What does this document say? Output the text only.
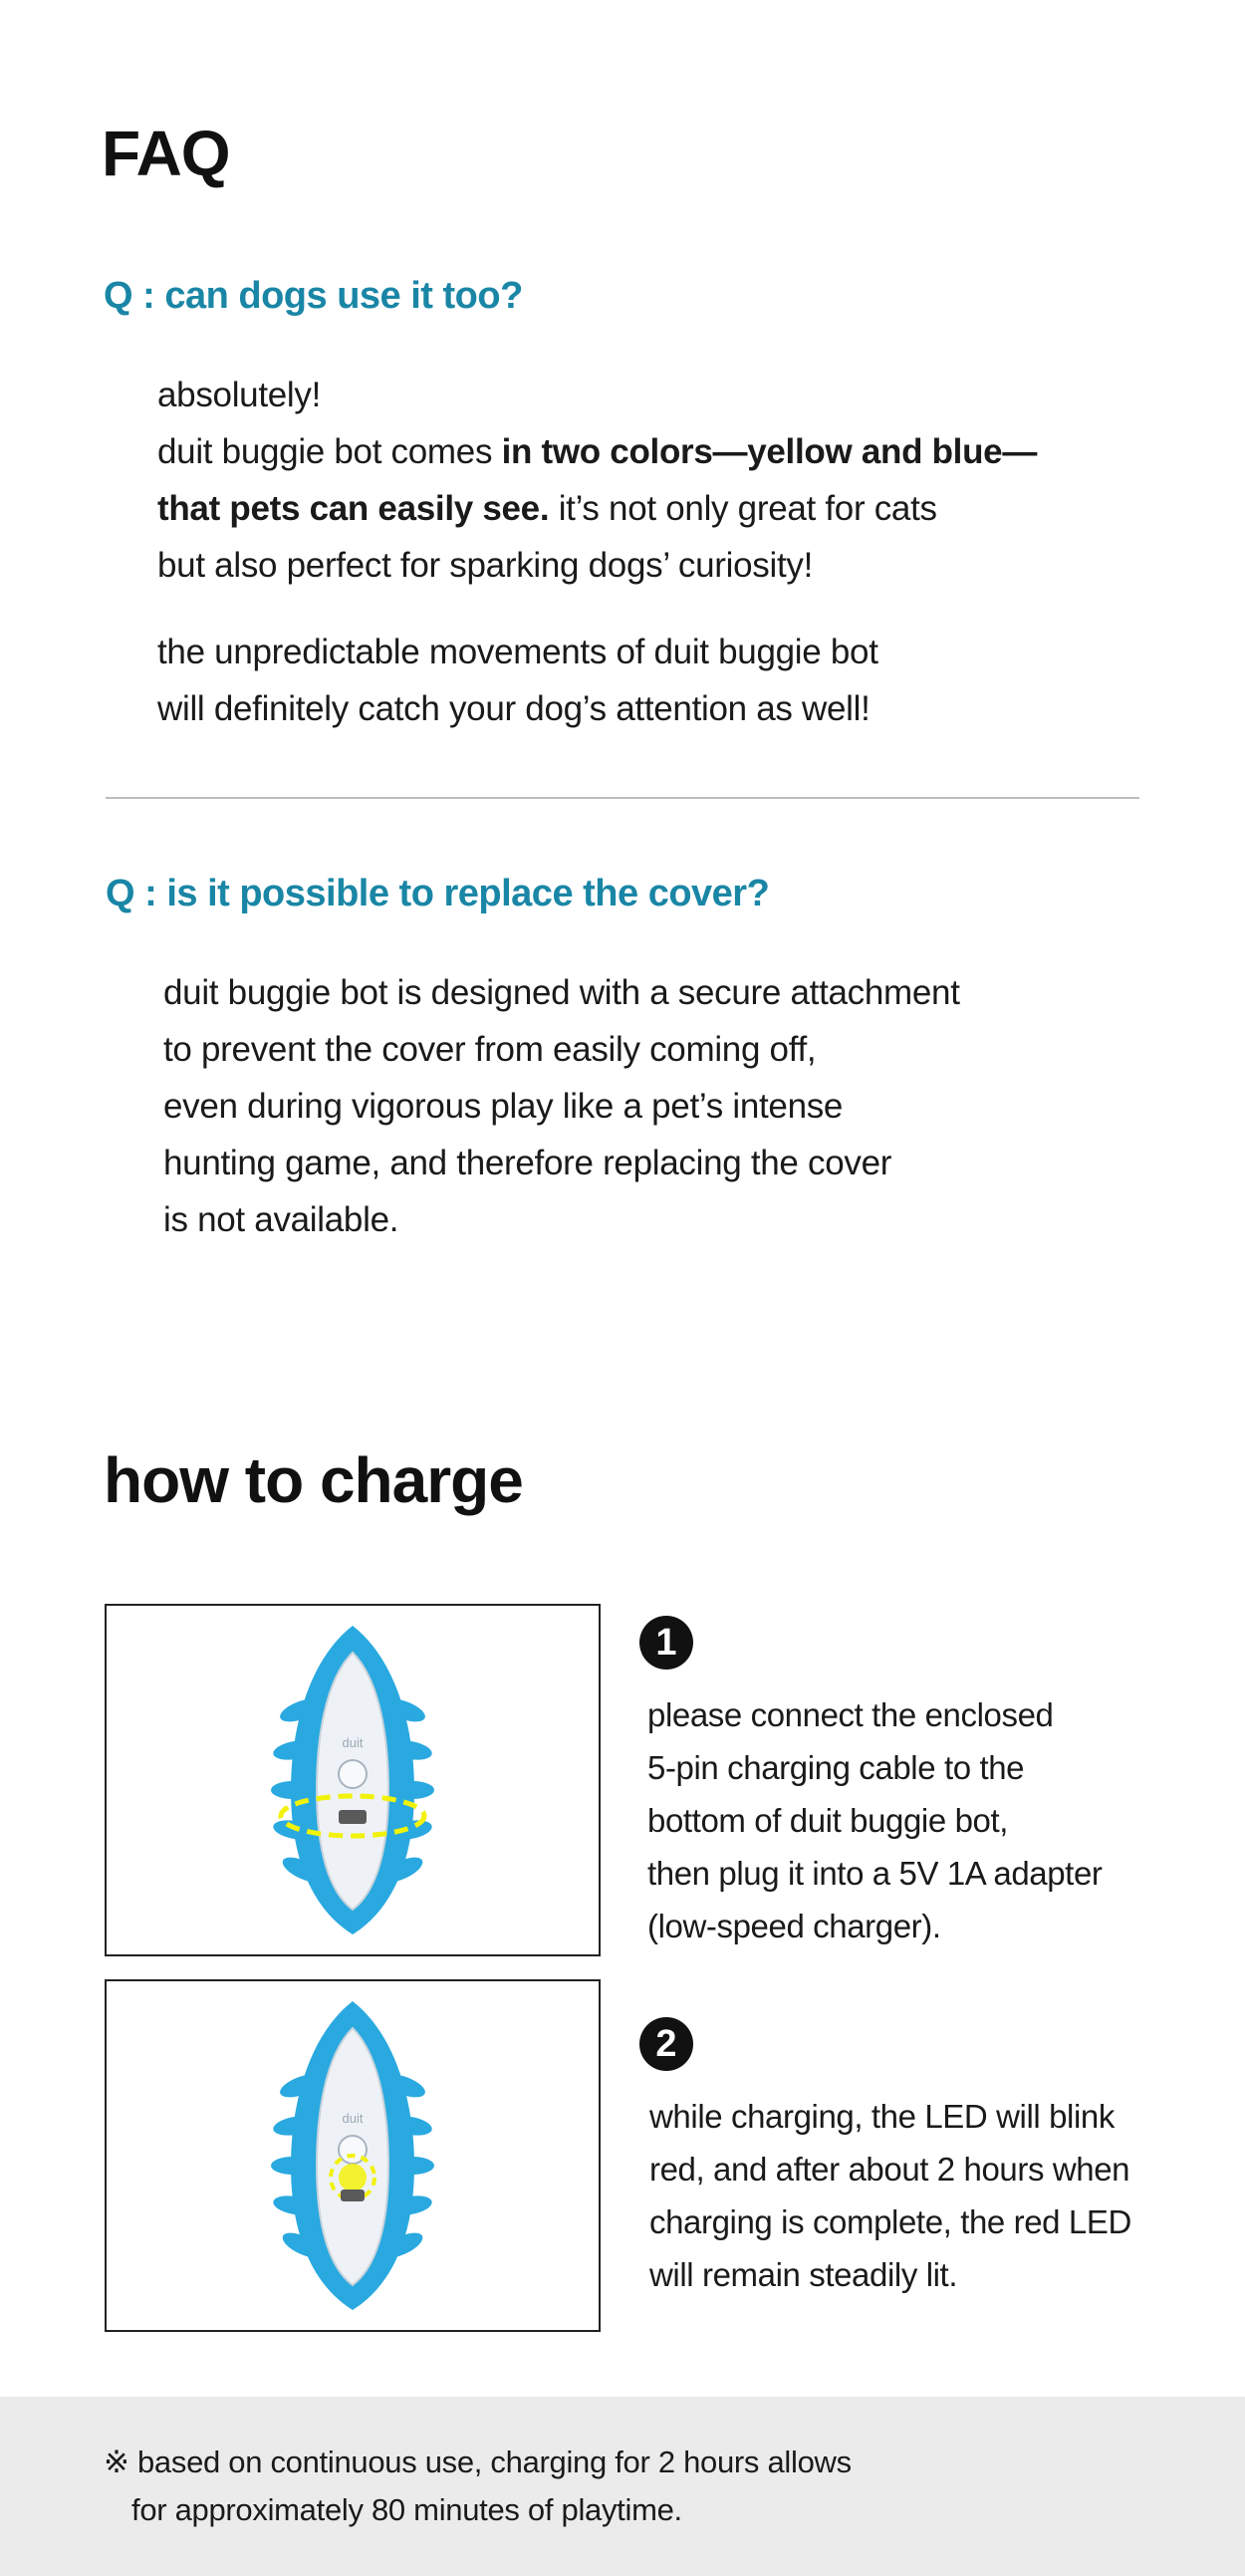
FAQ
Q : can dogs use it too?

absolutely!

duit buggie bot comes in two colors—yellow and blue—

that pets can easily see. it’s not only great for cats

but also perfect for sparking dogs’ curiosity!

the unpredictable movements of duit buggie bot

will definitely catch your dog’s attention as well!

Q : is it possible to replace the cover?

duit buggie bot is designed with a secure attachment

to prevent the cover from easily coming off,

even during vigorous play like a pet’s intense

hunting game, and therefore replacing the cover

is not available.

how to charge
duit
1

please connect the enclosed

5-pin charging cable to the

bottom of duit buggie bot,

then plug it into a 5V 1A adapter

(low-speed charger).

duit
2

while charging, the LED will blink

red, and after about 2 hours when

charging is complete, the red LED

will remain steadily lit.

※ based on continuous use, charging for 2 hours allows

for approximately 80 minutes of playtime.
